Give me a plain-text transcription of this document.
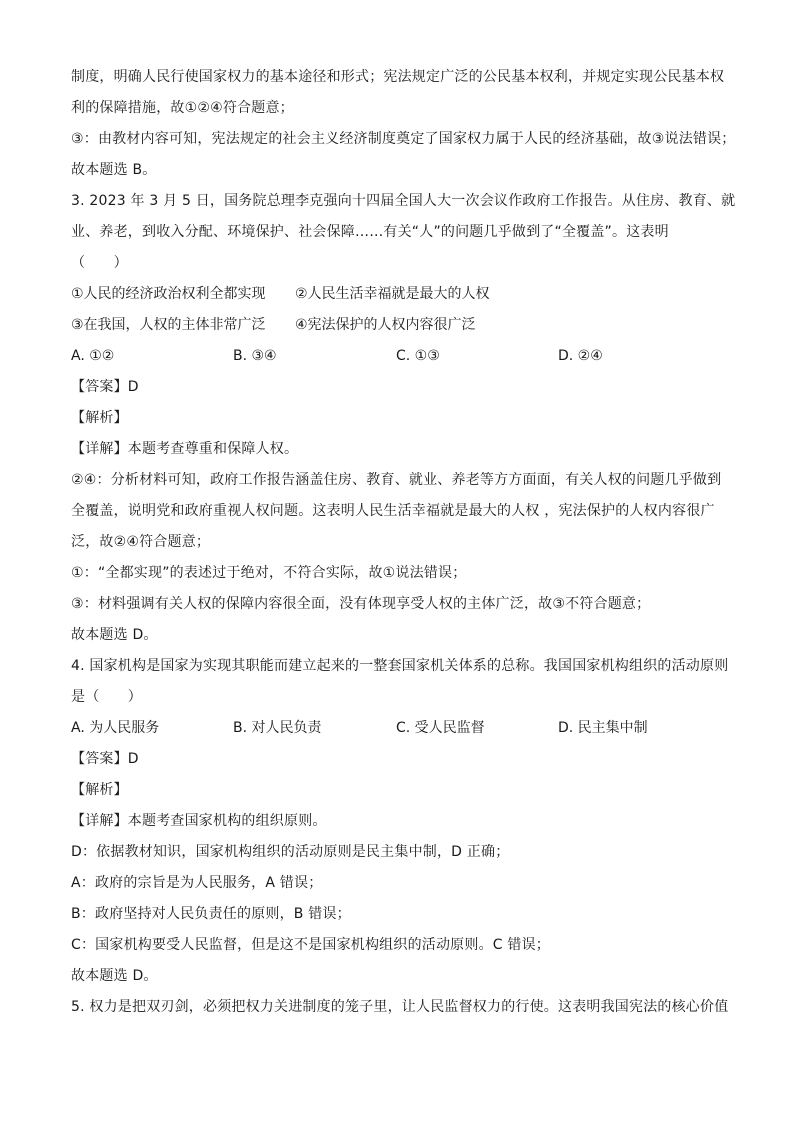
制度，明确人民行使国家权力的基本途径和形式；宪法规定广泛的公民基本权利，并规定实现公民基本权
利的保障措施，故①②④符合题意；
③：由教材内容可知，宪法规定的社会主义经济制度奠定了国家权力属于人民的经济基础，故③说法错误；
故本题选 B。
3. 2023 年 3 月 5 日，国务院总理李克强向十四届全国人大一次会议作政府工作报告。从住房、教育、就
业、养老，到收入分配、环境保护、社会保障……有关“人”的问题几乎做到了“全覆盖”。这表明
（　　）
①人民的经济政治权利全都实现 ②人民生活幸福就是最大的人权
③在我国，人权的主体非常广泛 ④宪法保护的人权内容很广泛
A. ①②	B. ③④	C. ①③	D. ②④
【答案】D
【解析】
【详解】本题考查尊重和保障人权。
②④：分析材料可知，政府工作报告涵盖住房、教育、就业、养老等方方面面，有关人权的问题几乎做到
全覆盖，说明党和政府重视人权问题。这表明人民生活幸福就是最大的人权 ，宪法保护的人权内容很广
泛，故②④符合题意；
①：“全都实现”的表述过于绝对，不符合实际，故①说法错误；
③：材料强调有关人权的保障内容很全面，没有体现享受人权的主体广泛，故③不符合题意；
故本题选 D。
4. 国家机构是国家为实现其职能而建立起来的一整套国家机关体系的总称。我国国家机构组织的活动原则
是（　　）
A. 为人民服务	B. 对人民负责	C. 受人民监督	D. 民主集中制
【答案】D
【解析】
【详解】本题考查国家机构的组织原则。
D：依据教材知识，国家机构组织的活动原则是民主集中制，D 正确；
A：政府的宗旨是为人民服务，A 错误；
B：政府坚持对人民负责任的原则，B 错误；
C：国家机构要受人民监督，但是这不是国家机构组织的活动原则。C 错误；
故本题选 D。
5. 权力是把双刃剑，必须把权力关进制度的笼子里，让人民监督权力的行使。这表明我国宪法的核心价值
